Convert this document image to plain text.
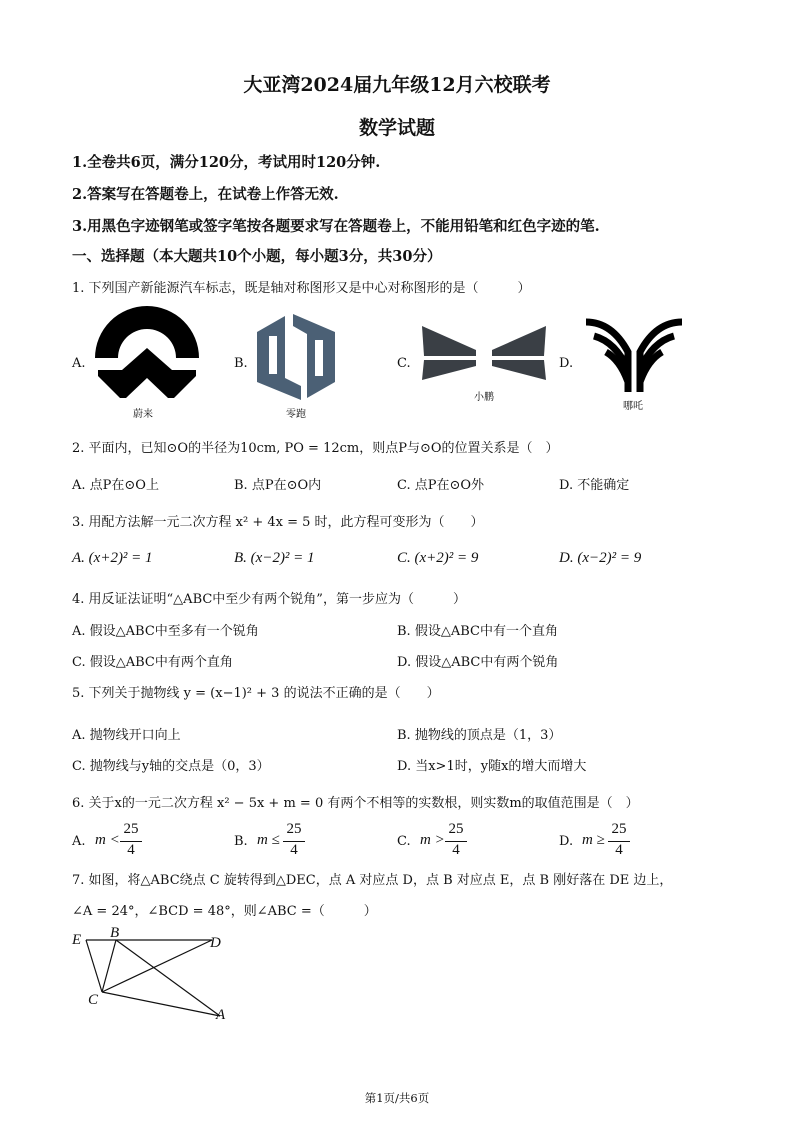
大亚湾2024届九年级12月六校联考
数学试题
1.全卷共6页，满分120分，考试用时120分钟.
2.答案写在答题卷上，在试卷上作答无效.
3.用黑色字迹钢笔或签字笔按各题要求写在答题卷上，不能用铅笔和红色字迹的笔.
一、选择题（本大题共10个小题，每小题3分，共30分）
1. 下列国产新能源汽车标志，既是轴对称图形又是中心对称图形的是（　　　）
A.
蔚来
B.
零跑
C.
小鹏
D.
哪吒
2. 平面内，已知⊙O的半径为10cm, PO = 12cm，则点P与⊙O的位置关系是（　）
A. 点P在⊙O上	B. 点P在⊙O内	C. 点P在⊙O外	D. 不能确定
3. 用配方法解一元二次方程 x² + 4x = 5 时，此方程可变形为（　　）
A. (x+2)² = 1	B. (x−2)² = 1	C. (x+2)² = 9	D. (x−2)² = 9
4. 用反证法证明“△ABC中至少有两个锐角”，第一步应为（　　　）
A. 假设△ABC中至多有一个锐角	B. 假设△ABC中有一个直角
C. 假设△ABC中有两个直角	D. 假设△ABC中有两个锐角
5. 下列关于抛物线 y = (x−1)² + 3 的说法不正确的是（　　）
A. 抛物线开口向上	B. 抛物线的顶点是（1，3）
C. 抛物线与y轴的交点是（0，3）	D. 当x>1时，y随x的增大而增大
6. 关于x的一元二次方程 x² − 5x + m = 0 有两个不相等的实数根，则实数m的取值范围是（　）
A. m <
25
4
B. m ≤
25
4
C. m >
25
4
D. m ≥
25
4
7. 如图，将△ABC绕点 C 旋转得到△DEC，点 A 对应点 D，点 B 对应点 E，点 B 刚好落在 DE 边上，
∠A = 24°，∠BCD = 48°，则∠ABC =（　　　）
E B
D
C
A
第1页/共6页
